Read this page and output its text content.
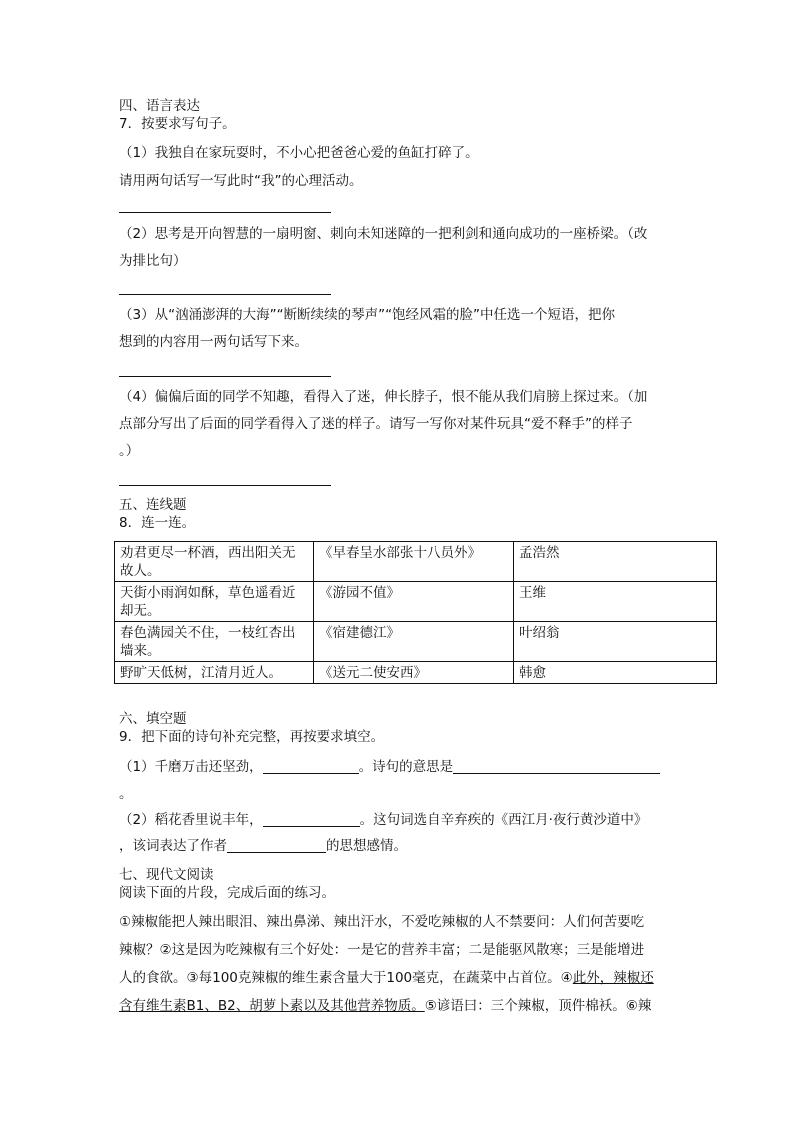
四、语言表达
7．按要求写句子。
（1）我独自在家玩耍时，不小心把爸爸心爱的鱼缸打碎了。
请用两句话写一写此时“我”的心理活动。
（2）思考是开向智慧的一扇明窗、刺向未知迷障的一把利剑和通向成功的一座桥梁。（改
为排比句）
（3）从“汹涌澎湃的大海”“断断续续的琴声”“饱经风霜的脸”中任选一个短语，把你
想到的内容用一两句话写下来。
（4）偏偏后面的同学不知趣，看得入了迷，伸长脖子，恨不能从我们肩膀上探过来。（加
点部分写出了后面的同学看得入了迷的样子。请写一写你对某件玩具“爱不释手”的样子
。）
五、连线题
8．连一连。
劝君更尽一杯酒，西出阳关无
故人。	《早春呈水部张十八员外》	孟浩然
天街小雨润如酥，草色遥看近
却无。	《游园不值》	王维
春色满园关不住，一枝红杏出
墙来。	《宿建德江》	叶绍翁
野旷天低树，江清月近人。	《送元二使安西》	韩愈
六、填空题
9．把下面的诗句补充完整，再按要求填空。
（1）千磨万击还坚劲，	。诗句的意思是
。
（2）稻花香里说丰年，	。这句词选自辛弃疾的《西江月·夜行黄沙道中》
，该词表达了作者	的思想感情。
七、现代文阅读
阅读下面的片段，完成后面的练习。
①辣椒能把人辣出眼泪、辣出鼻涕、辣出汗水，不爱吃辣椒的人不禁要问：人们何苦要吃
辣椒？②这是因为吃辣椒有三个好处：一是它的营养丰富；二是能驱风散寒；三是能增进
人的食欲。③每100克辣椒的维生素含量大于100毫克，在蔬菜中占首位。④此外，辣椒还
含有维生素B1、B2、胡萝卜素以及其他营养物质。⑤谚语曰：三个辣椒，顶件棉袄。⑥辣
